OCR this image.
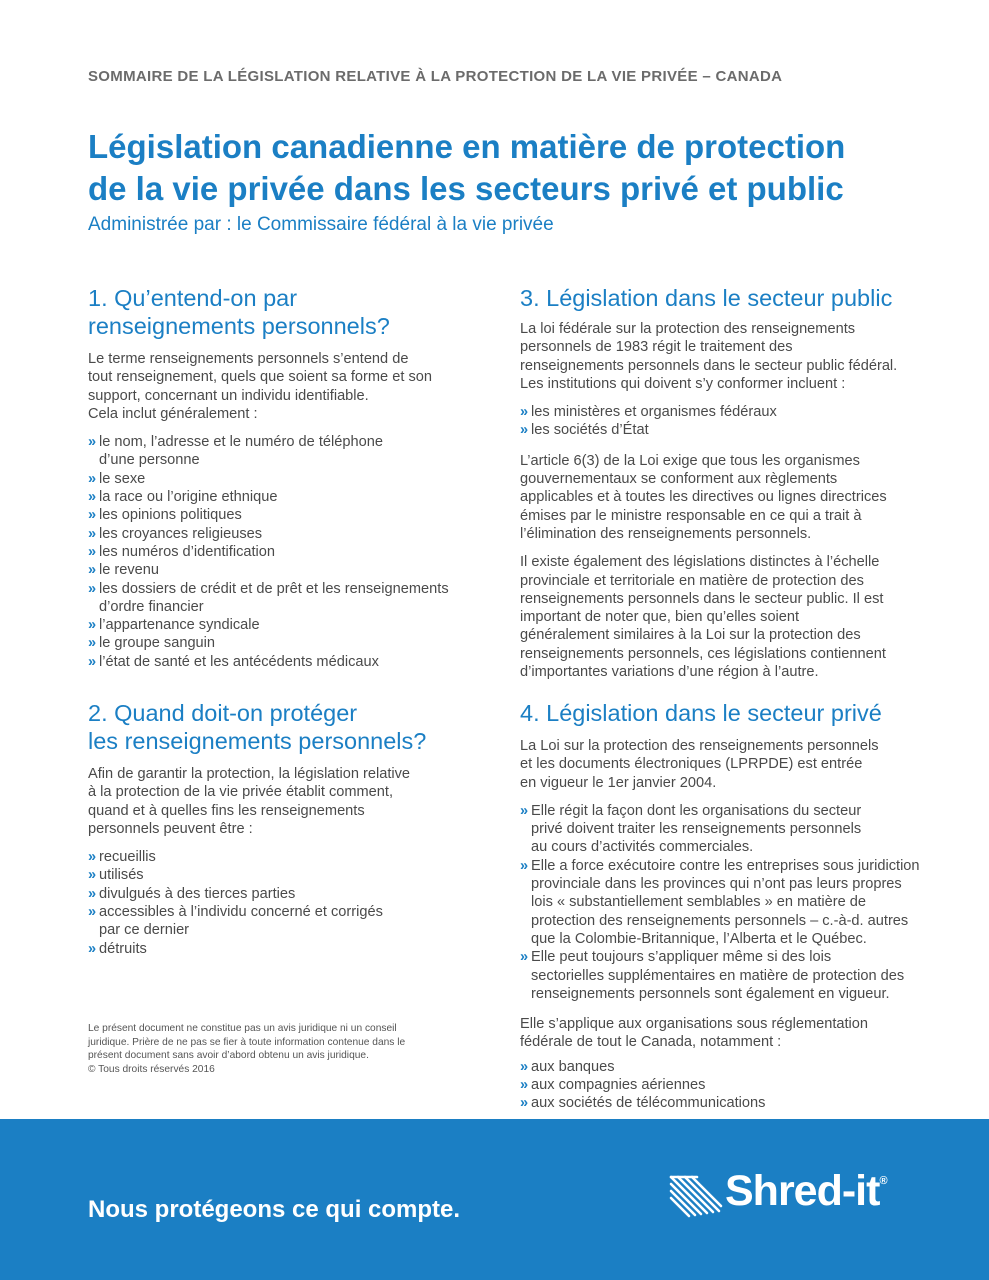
SOMMAIRE DE LA LÉGISLATION RELATIVE À LA PROTECTION DE LA VIE PRIVÉE – CANADA
Législation canadienne en matière de protection
de la vie privée dans les secteurs privé et public
Administrée par : le Commissaire fédéral à la vie privée
1. Qu’entend-on par
renseignements personnels?
Le terme renseignements personnels s’entend de
tout renseignement, quels que soient sa forme et son
support, concernant un individu identifiable.
Cela inclut généralement :
» le nom, l’adresse et le numéro de téléphone
d’une personne
» le sexe
» la race ou l’origine ethnique
» les opinions politiques
» les croyances religieuses
» les numéros d’identification
» le revenu
» les dossiers de crédit et de prêt et les renseignements
d’ordre financier
» l’appartenance syndicale
» le groupe sanguin
» l’état de santé et les antécédents médicaux
2. Quand doit-on protéger
les renseignements personnels?
Afin de garantir la protection, la législation relative
à la protection de la vie privée établit comment,
quand et à quelles fins les renseignements
personnels peuvent être :
» recueillis
» utilisés
» divulgués à des tierces parties
» accessibles à l’individu concerné et corrigés
par ce dernier
» détruits
3. Législation dans le secteur public
La loi fédérale sur la protection des renseignements
personnels de 1983 régit le traitement des
renseignements personnels dans le secteur public fédéral.
Les institutions qui doivent s’y conformer incluent :
» les ministères et organismes fédéraux
» les sociétés d’État
L’article 6(3) de la Loi exige que tous les organismes
gouvernementaux se conforment aux règlements
applicables et à toutes les directives ou lignes directrices
émises par le ministre responsable en ce qui a trait à
l’élimination des renseignements personnels.
Il existe également des législations distinctes à l’échelle
provinciale et territoriale en matière de protection des
renseignements personnels dans le secteur public. Il est
important de noter que, bien qu’elles soient
généralement similaires à la Loi sur la protection des
renseignements personnels, ces législations contiennent
d’importantes variations d’une région à l’autre.
4. Législation dans le secteur privé
La Loi sur la protection des renseignements personnels
et les documents électroniques (LPRPDE) est entrée
en vigueur le 1er janvier 2004.
» Elle régit la façon dont les organisations du secteur
privé doivent traiter les renseignements personnels
au cours d’activités commerciales.
» Elle a force exécutoire contre les entreprises sous juridiction
provinciale dans les provinces qui n’ont pas leurs propres
lois « substantiellement semblables » en matière de
protection des renseignements personnels – c.-à-d. autres
que la Colombie-Britannique, l’Alberta et le Québec.
» Elle peut toujours s’appliquer même si des lois
sectorielles supplémentaires en matière de protection des
renseignements personnels sont également en vigueur.
Elle s’applique aux organisations sous réglementation
fédérale de tout le Canada, notamment :
» aux banques
» aux compagnies aériennes
» aux sociétés de télécommunications
Le présent document ne constitue pas un avis juridique ni un conseil
juridique. Prière de ne pas se fier à toute information contenue dans le
présent document sans avoir d’abord obtenu un avis juridique.
© Tous droits réservés 2016
Nous protégeons ce qui compte.	Shred-it®
